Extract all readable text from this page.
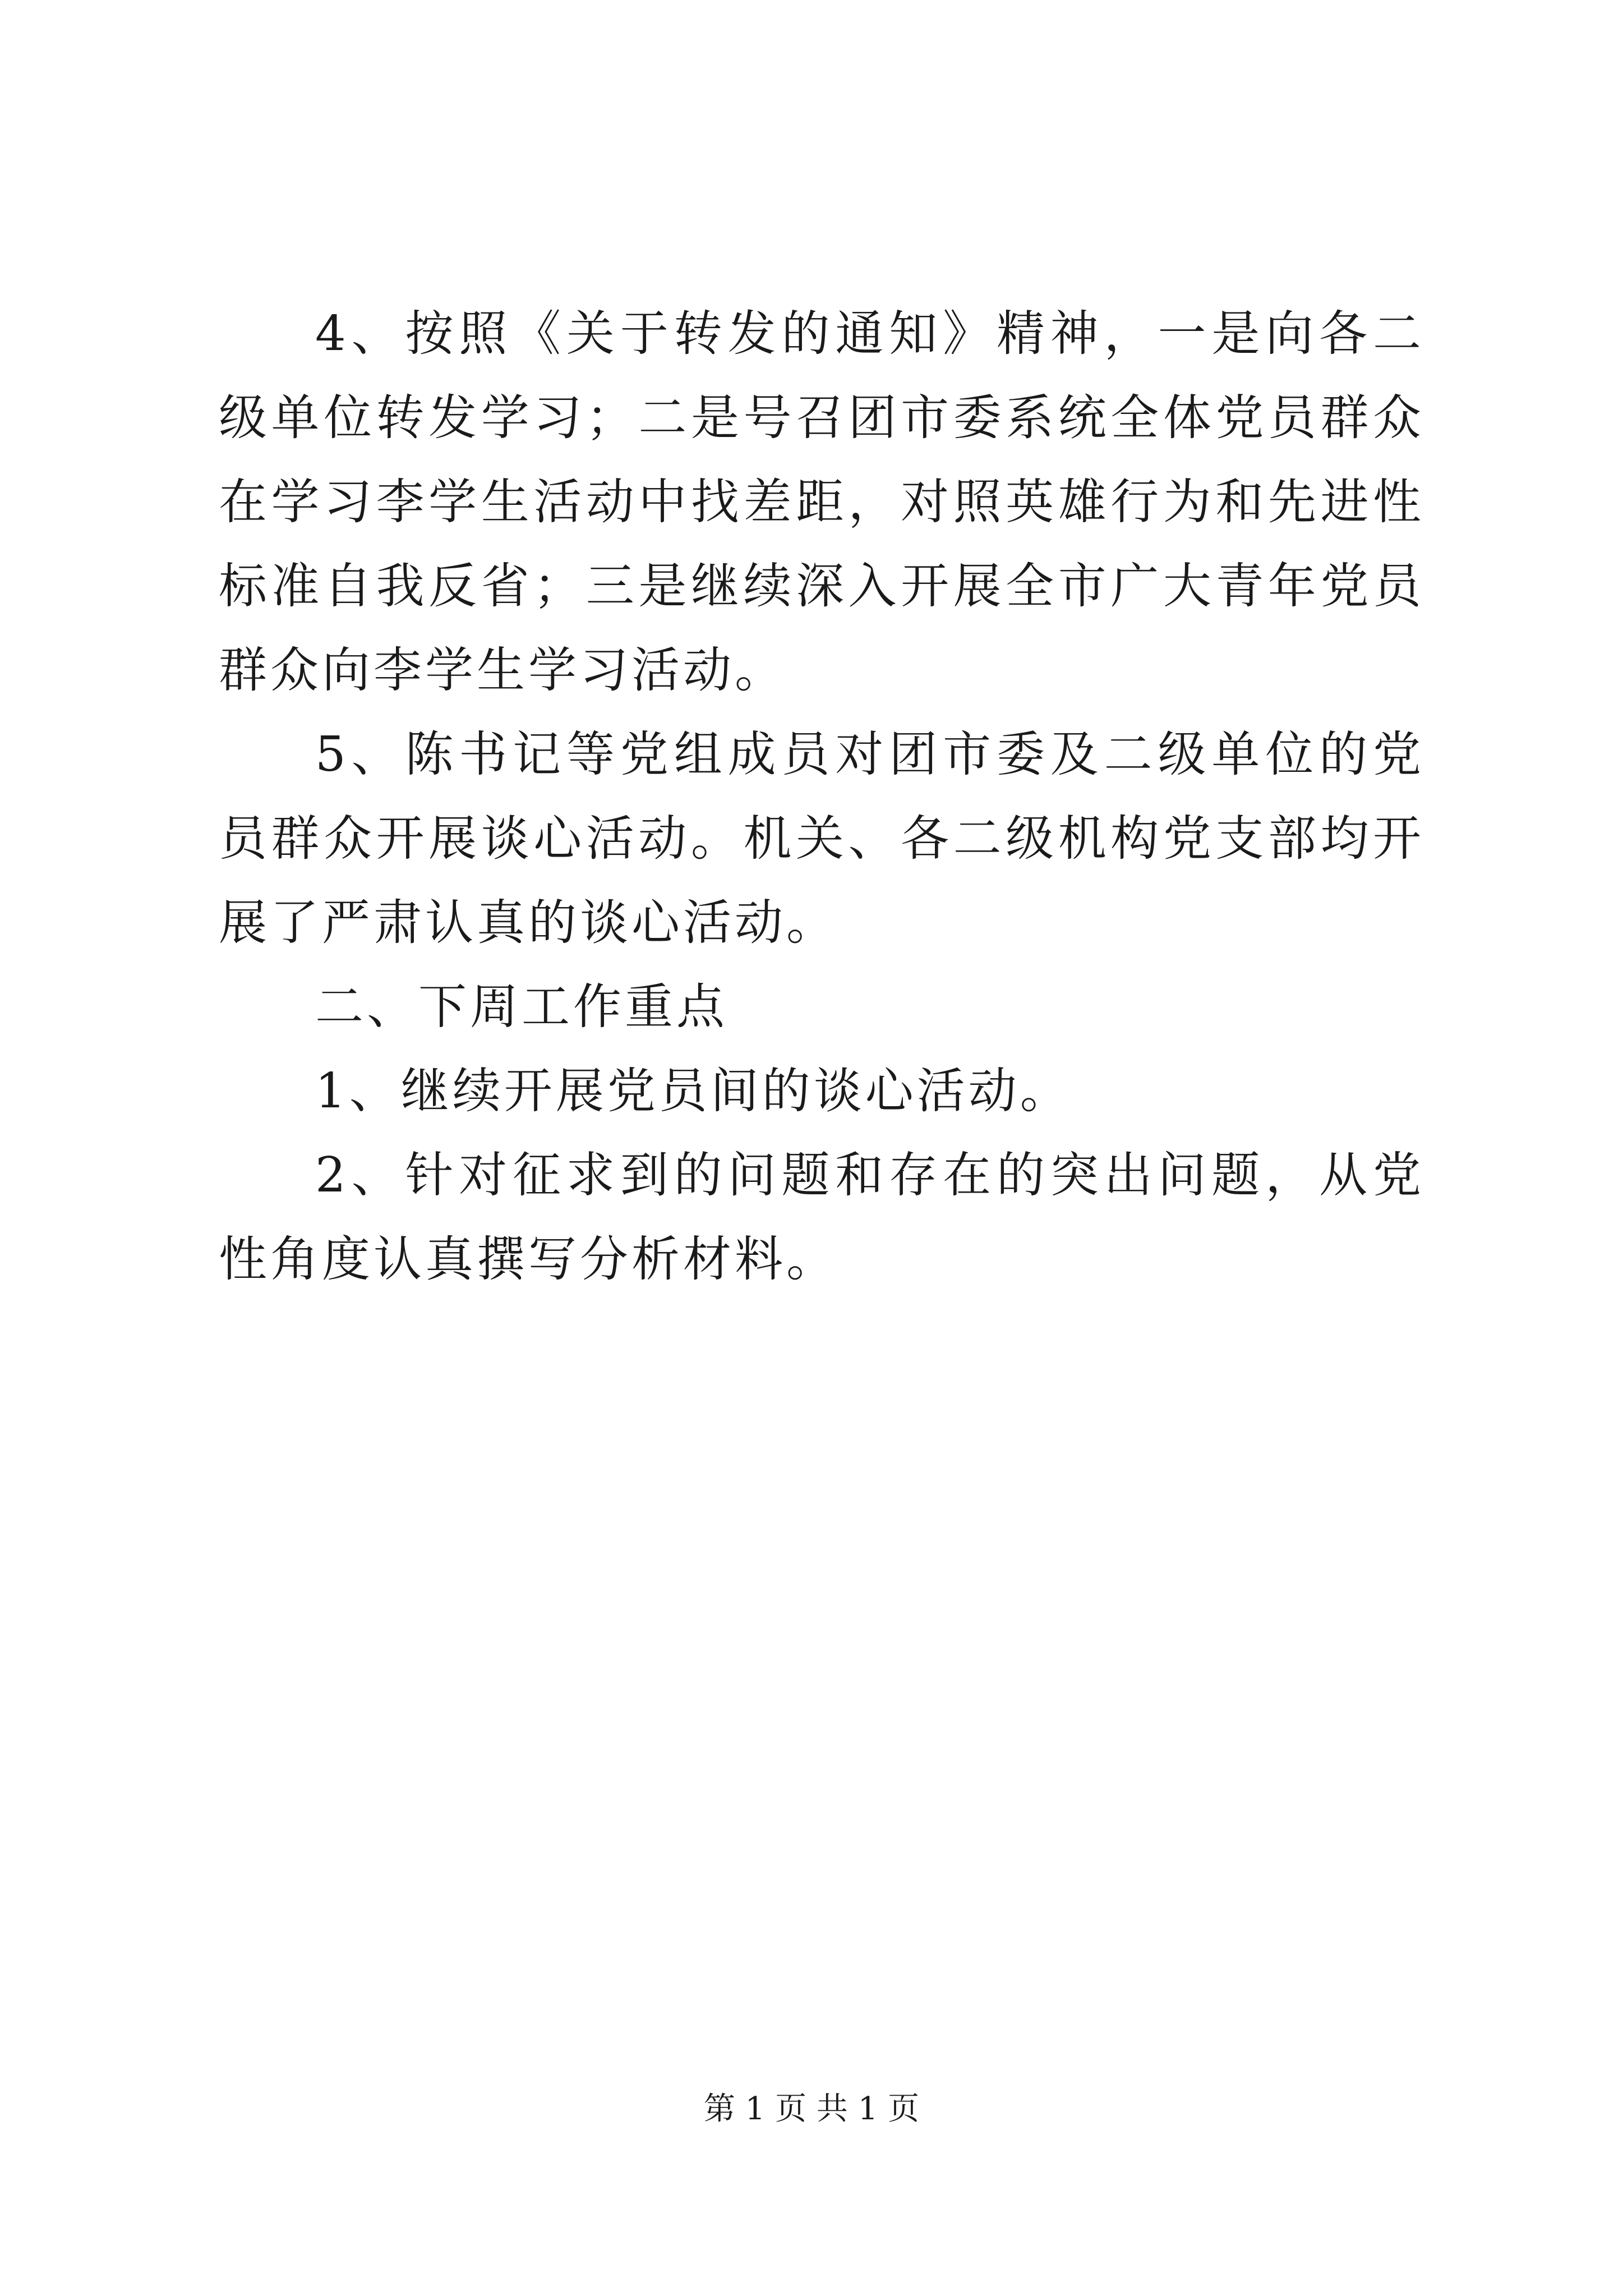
4、按照《关于转发的通知》精神，一是向各二级单位转发学习；二是号召团市委系统全体党员群众在学习李学生活动中找差距，对照英雄行为和先进性标准自我反省；三是继续深入开展全市广大青年党员群众向李学生学习活动。

5、陈书记等党组成员对团市委及二级单位的党员群众开展谈心活动。机关、各二级机构党支部均开展了严肃认真的谈心活动。

二、下周工作重点

1、继续开展党员间的谈心活动。

2、针对征求到的问题和存在的突出问题，从党性角度认真撰写分析材料。

第 1 页 共 1 页
